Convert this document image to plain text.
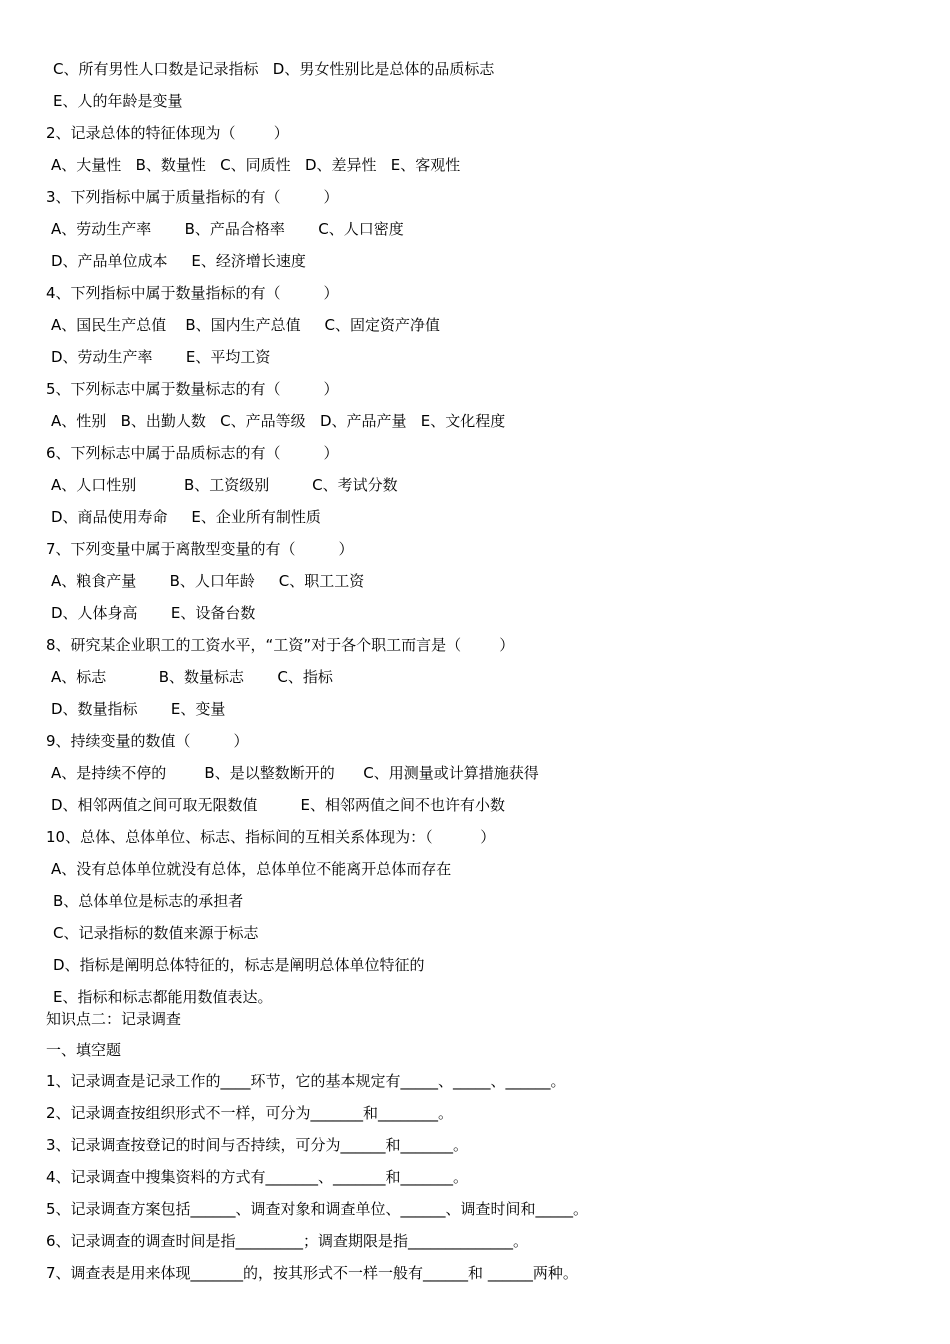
C、所有男性人口数是记录指标   D、男女性别比是总体的品质标志
E、人的年龄是变量
2、记录总体的特征体现为（        ）
A、大量性   B、数量性   C、同质性   D、差异性   E、客观性
3、下列指标中属于质量指标的有（         ）
A、劳动生产率       B、产品合格率       C、人口密度
D、产品单位成本     E、经济增长速度
4、下列指标中属于数量指标的有（         ）
A、国民生产总值    B、国内生产总值     C、固定资产净值
D、劳动生产率       E、平均工资
5、下列标志中属于数量标志的有（         ）
A、性别   B、出勤人数   C、产品等级   D、产品产量   E、文化程度
6、下列标志中属于品质标志的有（         ）
A、人口性别          B、工资级别         C、考试分数
D、商品使用寿命     E、企业所有制性质
7、下列变量中属于离散型变量的有（         ）
A、粮食产量       B、人口年龄     C、职工工资
D、人体身高       E、设备台数
8、研究某企业职工的工资水平，“工资”对于各个职工而言是（        ）
A、标志           B、数量标志       C、指标
D、数量指标       E、变量
9、持续变量的数值（         ）
A、是持续不停的        B、是以整数断开的      C、用测量或计算措施获得
D、相邻两值之间可取无限数值         E、相邻两值之间不也许有小数
10、总体、总体单位、标志、指标间的互相关系体现为：（          ）
A、没有总体单位就没有总体，总体单位不能离开总体而存在
B、总体单位是标志的承担者
C、记录指标的数值来源于标志
D、指标是阐明总体特征的，标志是阐明总体单位特征的
E、指标和标志都能用数值表达。
知识点二：记录调查
一、填空题
1、记录调查是记录工作的____环节，它的基本规定有_____、_____、______。
2、记录调查按组织形式不一样，可分为_______和________。
3、记录调查按登记的时间与否持续，可分为______和_______。
4、记录调查中搜集资料的方式有_______、_______和_______。
5、记录调查方案包括______、调查对象和调查单位、______、调查时间和_____。
6、记录调查的调查时间是指_________；调查期限是指______________。
7、调查表是用来体现_______的，按其形式不一样一般有______和 ______两种。
